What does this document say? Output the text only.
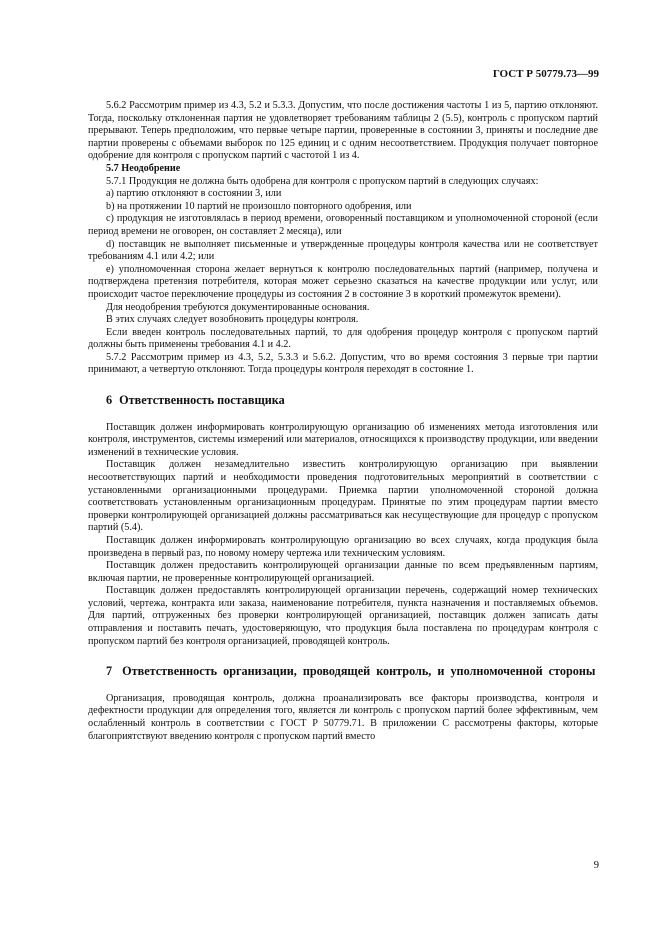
ГОСТ Р 50779.73—99

5.6.2 Рассмотрим пример из 4.3, 5.2 и 5.3.3. Допустим, что после достижения частоты 1 из 5, партию отклоняют. Тогда, поскольку отклоненная партия не удовлетворяет требованиям таблицы 2 (5.5), контроль с пропуском партий прерывают. Теперь предположим, что первые четыре партии, проверенные в состоянии 3, приняты и последние две партии проверены с объемами выборок по 125 единиц и с одним несоответствием. Продукция получает повторное одобрение для контроля с пропуском партий с частотой 1 из 4.

5.7 Неодобрение

5.7.1 Продукция не должна быть одобрена для контроля с пропуском партий в следующих случаях:

a) партию отклоняют в состоянии 3, или

b) на протяжении 10 партий не произошло повторного одобрения, или

c) продукция не изготовлялась в период времени, оговоренный поставщиком и уполномоченной стороной (если период времени не оговорен, он составляет 2 месяца), или

d) поставщик не выполняет письменные и утвержденные процедуры контроля качества или не соответствует требованиям 4.1 или 4.2; или

e) уполномоченная сторона желает вернуться к контролю последовательных партий (например, получена и подтверждена претензия потребителя, которая может серьезно сказаться на качестве продукции или услуг, или происходит частое переключение процедуры из состояния 2 в состояние 3 в короткий промежуток времени).

Для неодобрения требуются документированные основания.

В этих случаях следует возобновить процедуры контроля.

Если введен контроль последовательных партий, то для одобрения процедур контроля с пропуском партий должны быть применены требования 4.1 и 4.2.

5.7.2 Рассмотрим пример из 4.3, 5.2, 5.3.3 и 5.6.2. Допустим, что во время состояния 3 первые три партии принимают, а четвертую отклоняют. Тогда процедуры контроля переходят в состояние 1.

6 Ответственность поставщика

Поставщик должен информировать контролирующую организацию об изменениях метода изготовления или контроля, инструментов, системы измерений или материалов, относящихся к производству продукции, или введении изменений в технические условия.

Поставщик должен незамедлительно известить контролирующую организацию при выявлении несоответствующих партий и необходимости проведения подготовительных мероприятий в соответствии с установленными организационными процедурами. Приемка партии уполномоченной стороной должна соответствовать установленным организационным процедурам. Принятые по этим процедурам партии вместо проверки контролирующей организацией должны рассматриваться как несуществующие для процедур с пропуском партий (5.4).

Поставщик должен информировать контролирующую организацию во всех случаях, когда продукция была произведена в первый раз, по новому номеру чертежа или техническим условиям.

Поставщик должен предоставить контролирующей организации данные по всем предъявленным партиям, включая партии, не проверенные контролирующей организацией.

Поставщик должен предоставлять контролирующей организации перечень, содержащий номер технических условий, чертежа, контракта или заказа, наименование потребителя, пункта назначения и поставляемых объемов. Для партий, отгруженных без проверки контролирующей организацией, поставщик должен записать даты отправления и поставить печать, удостоверяющую, что продукция была поставлена по процедурам контроля с пропуском партий без контроля организацией, проводящей контроль.

7 Ответственность организации, проводящей контроль, и уполномоченной стороны

Организация, проводящая контроль, должна проанализировать все факторы производства, контроля и дефектности продукции для определения того, является ли контроль с пропуском партий более эффективным, чем ослабленный контроль в соответствии с ГОСТ Р 50779.71. В приложении С рассмотрены факторы, которые благоприятствуют введению контроля с пропуском партий вместо

9
